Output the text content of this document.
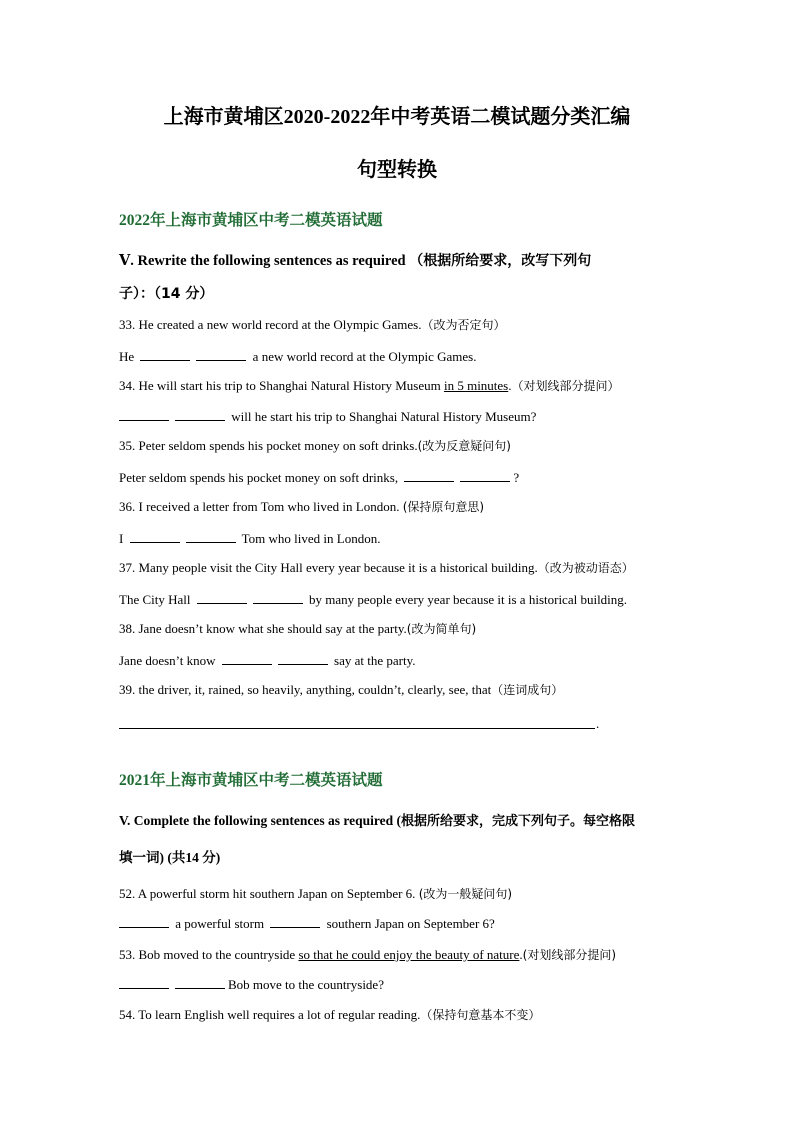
上海市黄埔区2020-2022年中考英语二模试题分类汇编
句型转换
2022年上海市黄埔区中考二模英语试题
Ⅴ. Rewrite the following sentences as required （根据所给要求，改写下列句
子）：（14 分）
33. He created a new world record at the Olympic Games.（改为否定句）
He	a new world record at the Olympic Games.
34. He will start his trip to Shanghai Natural History Museum in 5 minutes.（对划线部分提问）
will he start his trip to Shanghai Natural History Museum?
35. Peter seldom spends his pocket money on soft drinks.(改为反意疑问句)
Peter seldom spends his pocket money on soft drinks,	?
36. I received a letter from Tom who lived in London. (保持原句意思)
I	Tom who lived in London.
37. Many people visit the City Hall every year because it is a historical building.（改为被动语态）
The City Hall	by many people every year because it is a historical building.
38. Jane doesn’t know what she should say at the party.(改为简单句)
Jane doesn’t know	say at the party.
39. the driver, it, rained, so heavily, anything, couldn’t, clearly, see, that（连词成句）
.
2021年上海市黄埔区中考二模英语试题
V. Complete the following sentences as required (根据所给要求，完成下列句子。每空格限
填一词) (共14 分)
52. A powerful storm hit southern Japan on September 6. (改为一般疑问句)
a powerful storm	southern Japan on September 6?
53. Bob moved to the countryside so that he could enjoy the beauty of nature.(对划线部分提问)
Bob move to the countryside?
54. To learn English well requires a lot of regular reading.（保持句意基本不变）
